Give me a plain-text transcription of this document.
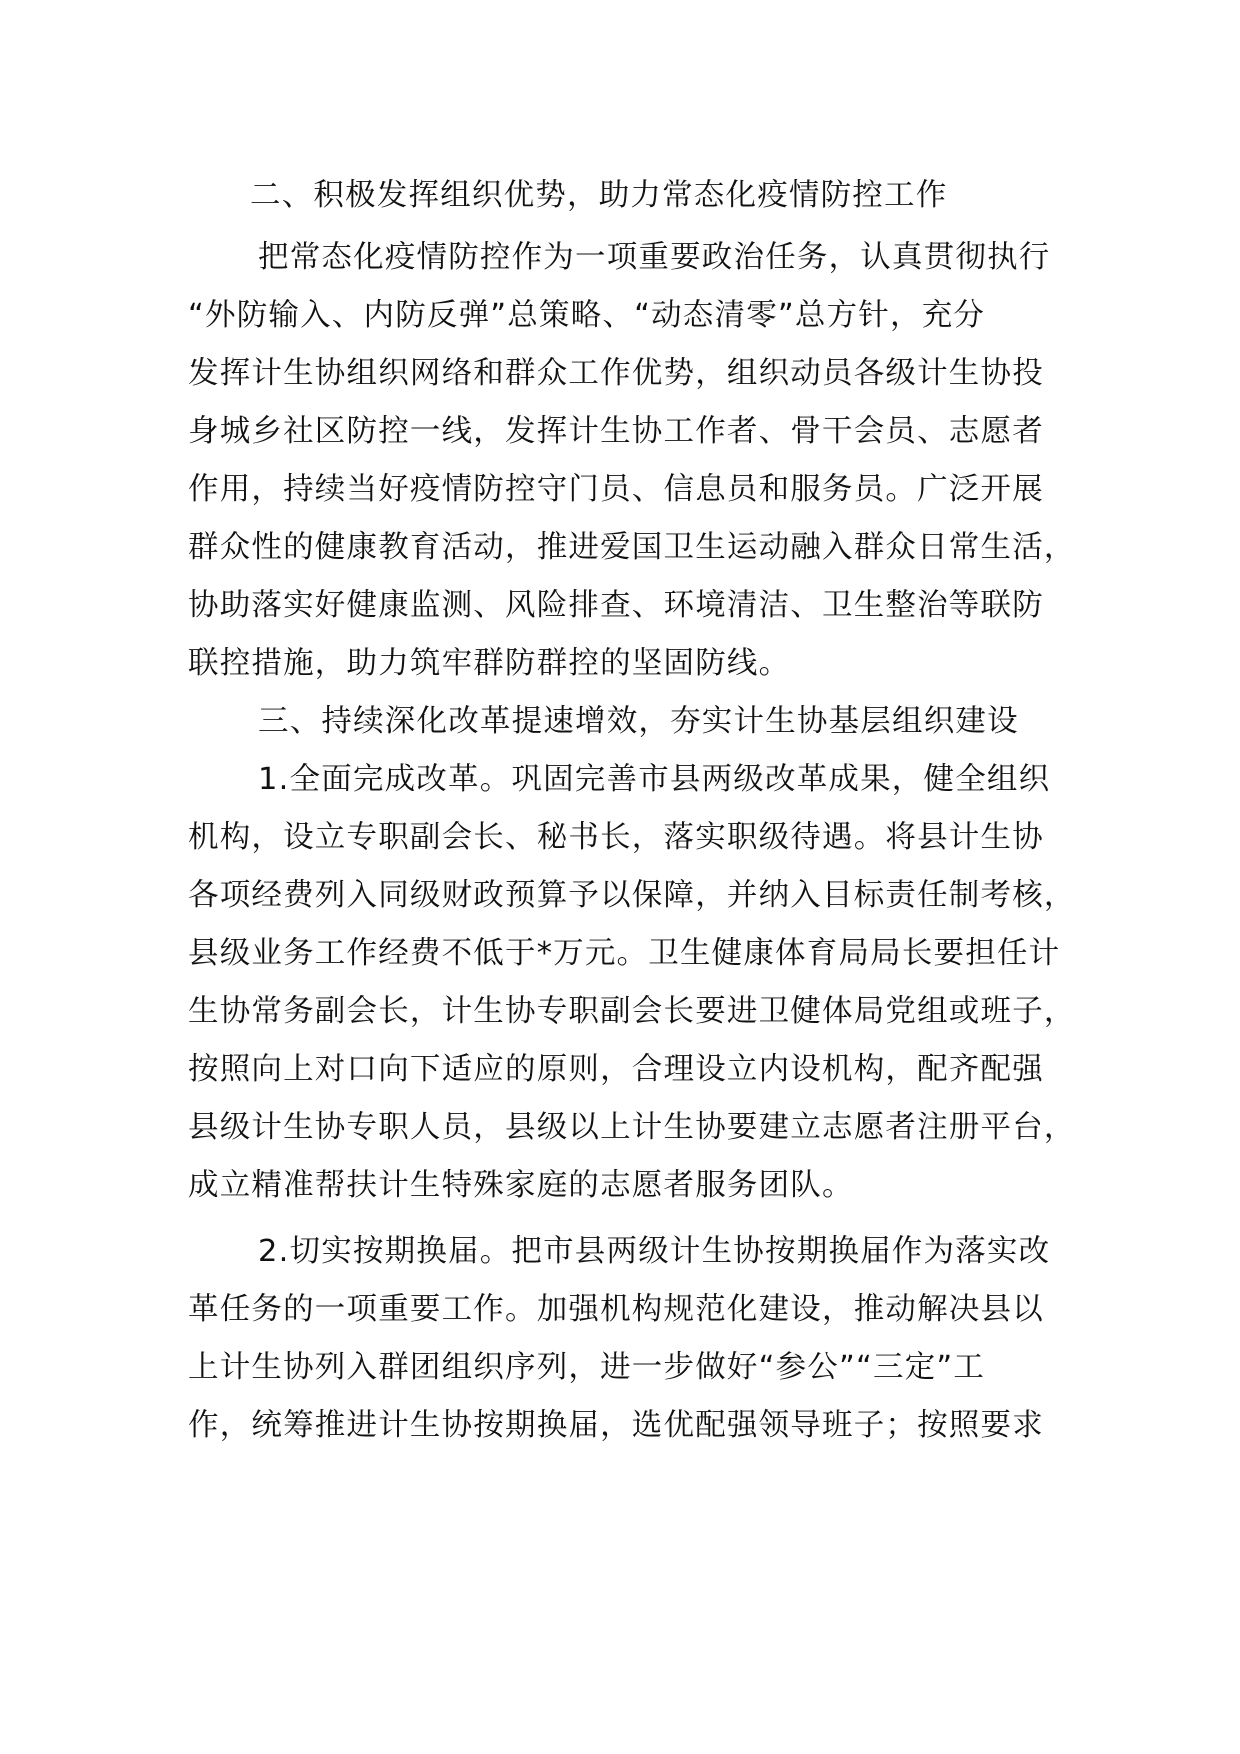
二、积极发挥组织优势，助力常态化疫情防控工作
把常态化疫情防控作为一项重要政治任务，认真贯彻执行
“外防输入、内防反弹”总策略、“动态清零”总方针，充分
发挥计生协组织网络和群众工作优势，组织动员各级计生协投
身城乡社区防控一线，发挥计生协工作者、骨干会员、志愿者
作用，持续当好疫情防控守门员、信息员和服务员。广泛开展
群众性的健康教育活动，推进爱国卫生运动融入群众日常生活，
协助落实好健康监测、风险排查、环境清洁、卫生整治等联防
联控措施，助力筑牢群防群控的坚固防线。
三、持续深化改革提速增效，夯实计生协基层组织建设
1.全面完成改革。巩固完善市县两级改革成果，健全组织
机构，设立专职副会长、秘书长，落实职级待遇。将县计生协
各项经费列入同级财政预算予以保障，并纳入目标责任制考核，
县级业务工作经费不低于*万元。卫生健康体育局局长要担任计
生协常务副会长，计生协专职副会长要进卫健体局党组或班子，
按照向上对口向下适应的原则，合理设立内设机构，配齐配强
县级计生协专职人员，县级以上计生协要建立志愿者注册平台，
成立精准帮扶计生特殊家庭的志愿者服务团队。
2.切实按期换届。把市县两级计生协按期换届作为落实改
革任务的一项重要工作。加强机构规范化建设，推动解决县以
上计生协列入群团组织序列，进一步做好“参公”“三定”工
作，统筹推进计生协按期换届，选优配强领导班子；按照要求
